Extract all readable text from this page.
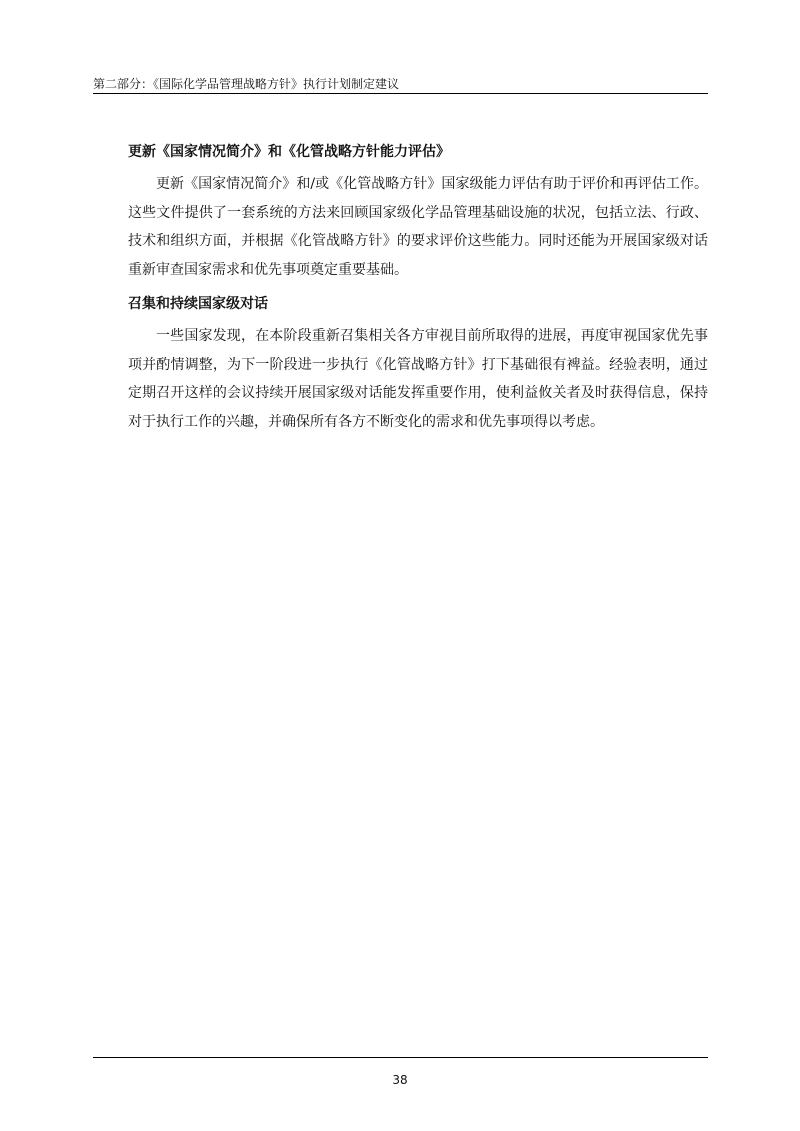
第二部分：《国际化学品管理战略方针》执行计划制定建议
更新《国家情况简介》和《化管战略方针能力评估》

更新《国家情况简介》和/或《化管战略方针》国家级能力评估有助于评价和再评估工作。这些文件提供了一套系统的方法来回顾国家级化学品管理基础设施的状况，包括立法、行政、技术和组织方面，并根据《化管战略方针》的要求评价这些能力。同时还能为开展国家级对话重新审查国家需求和优先事项奠定重要基础。

召集和持续国家级对话

一些国家发现，在本阶段重新召集相关各方审视目前所取得的进展，再度审视国家优先事项并酌情调整，为下一阶段进一步执行《化管战略方针》打下基础很有裨益。经验表明，通过定期召开这样的会议持续开展国家级对话能发挥重要作用，使利益攸关者及时获得信息，保持对于执行工作的兴趣，并确保所有各方不断变化的需求和优先事项得以考虑。

38
